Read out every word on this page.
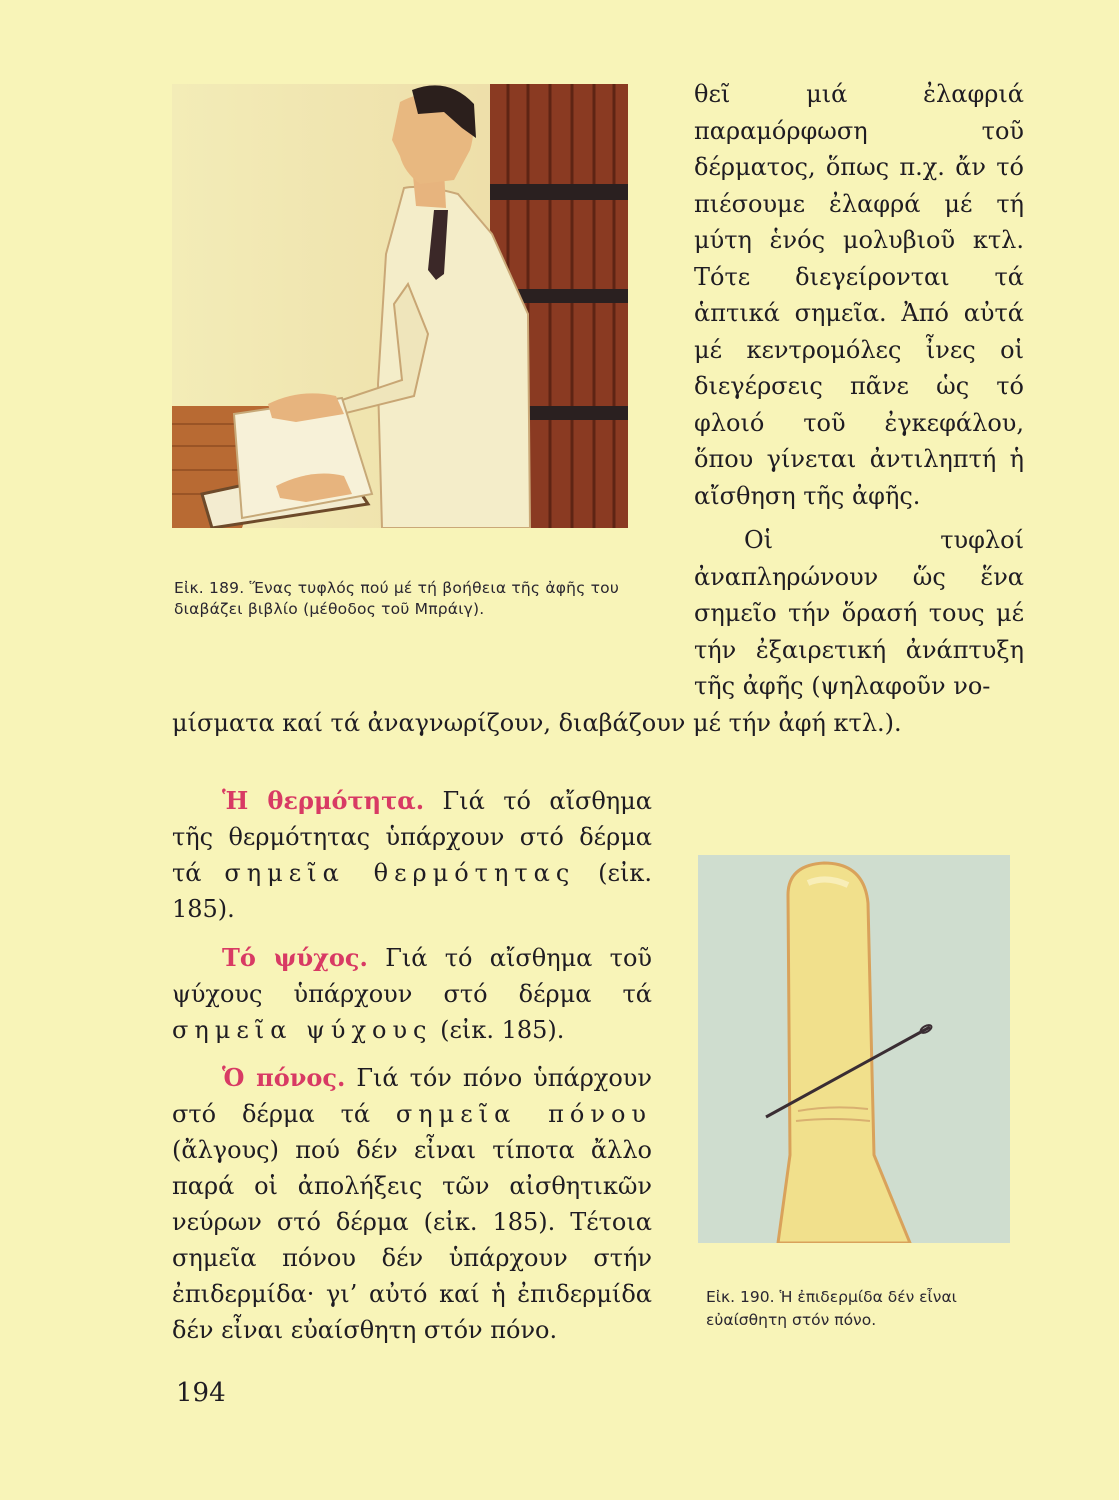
Εἰκ. 189. Ἕνας τυφλός πού μέ τή βοήθεια τῆς ἀφῆς του διαβάζει βιβλίο (μέθοδος τοῦ Μπράιγ).
θεῖ μιά ἐλαφριά παραμόρφωση τοῦ δέρματος, ὅπως π.χ. ἄν τό πιέσουμε ἐλαφρά μέ τή μύτη ἑνός μολυβιοῦ κτλ. Τότε διεγείρονται τά ἁπτικά σημεῖα. Ἀπό αὐτά μέ κεντρομόλες ἶνες οἱ διεγέρσεις πᾶνε ὡς τό φλοιό τοῦ ἐγκεφάλου, ὅπου γίνεται ἀντιληπτή ἡ αἴσθηση τῆς ἀφῆς.
Οἱ τυφλοί ἀναπληρώνουν ὥς ἕνα σημεῖο τήν ὅρασή τους μέ τήν ἐξαιρετική ἀνάπτυξη τῆς ἀφῆς (ψηλαφοῦν νο-
μίσματα καί τά ἀναγνωρίζουν, διαβάζουν μέ τήν ἀφή κτλ.).
Ἡ θερμότητα. Γιά τό αἴσθημα τῆς θερμότητας ὑπάρχουν στό δέρμα τά σημεῖα θερμότητας (εἰκ. 185).
Τό ψύχος. Γιά τό αἴσθημα τοῦ ψύχους ὑπάρχουν στό δέρμα τά σημεῖα ψύχους (εἰκ. 185).
Ὁ πόνος. Γιά τόν πόνο ὑπάρχουν στό δέρμα τά σημεῖα πόνου (ἄλγους) πού δέν εἶναι τίποτα ἄλλο παρά οἱ ἀπολήξεις τῶν αἰσθητικῶν νεύρων στό δέρμα (εἰκ. 185). Τέτοια σημεῖα πόνου δέν ὑπάρχουν στήν ἐπιδερμίδα· γι’ αὐτό καί ἡ ἐπιδερμίδα δέν εἶναι εὐαίσθητη στόν πόνο.
Εἰκ. 190. Ἡ ἐπιδερμίδα δέν εἶναι εὐαίσθητη στόν πόνο.
194
